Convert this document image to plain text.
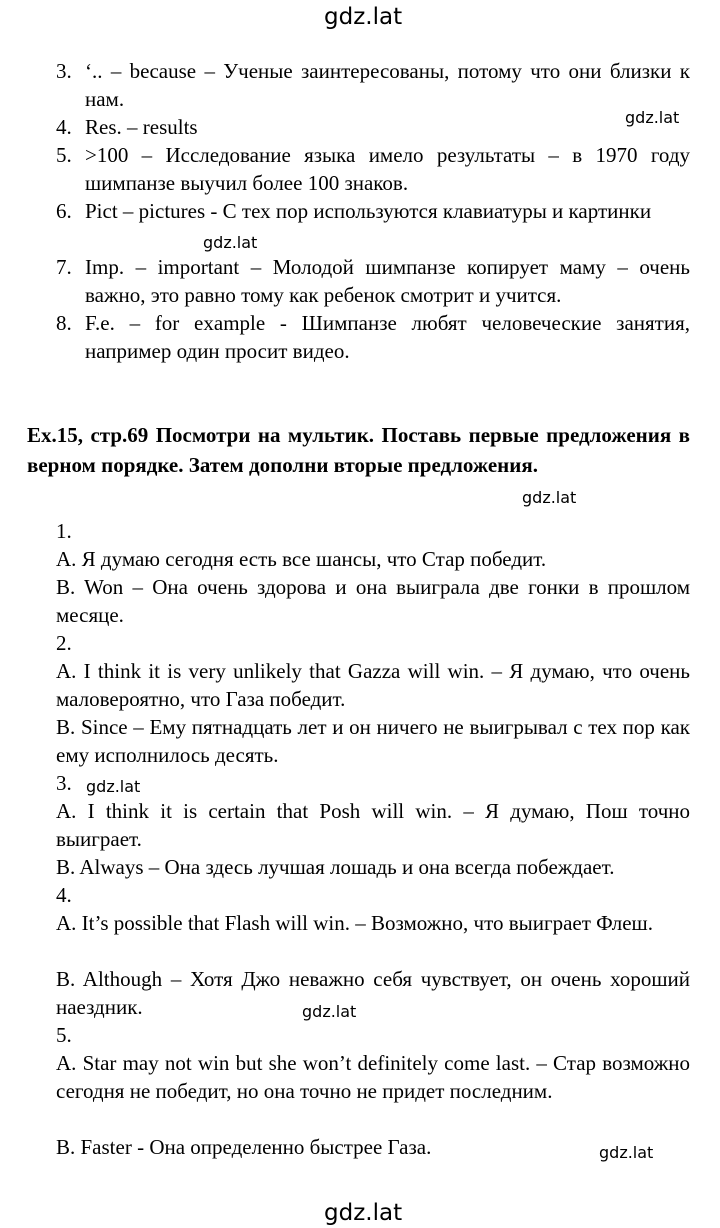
gdz.lat
3. ‘.. – because – Ученые заинтересованы, потому что они близки к нам.
4. Res. – results	gdz.lat
5. >100 – Исследование языка имело результаты – в 1970 году шимпанзе выучил более 100 знаков.
6. Pict – pictures - С тех пор используются клавиатуры и картинки
gdz.lat
7. Imp. – important – Молодой шимпанзе копирует маму – очень важно, это равно тому как ребенок смотрит и учится.
8. F.e. – for example - Шимпанзе любят человеческие занятия, например один просит видео.
Ex.15, стр.69 Посмотри на мультик. Поставь первые предложения в верном порядке. Затем дополни вторые предложения.
gdz.lat
1.
A. Я думаю сегодня есть все шансы, что Стар победит.
B. Won – Она очень здорова и она выиграла две гонки в прошлом месяце.
2.
A. I think it is very unlikely that Gazza will win. – Я думаю, что очень маловероятно, что Газа победит.
B. Since – Ему пятнадцать лет и он ничего не выигрывал с тех пор как ему исполнилось десять.
3. gdz.lat
A. I think it is certain that Posh will win. – Я думаю, Пош точно выиграет.
B. Always – Она здесь лучшая лошадь и она всегда побеждает.
4.
A. It’s possible that Flash will win. – Возможно, что выиграет Флеш.
B. Although – Хотя Джо неважно себя чувствует, он очень хороший наездник.	gdz.lat
5.
A. Star may not win but she won’t definitely come last. – Стар возможно сегодня не победит, но она точно не придет последним.
B. Faster - Она определенно быстрее Газа.	gdz.lat
gdz.lat
